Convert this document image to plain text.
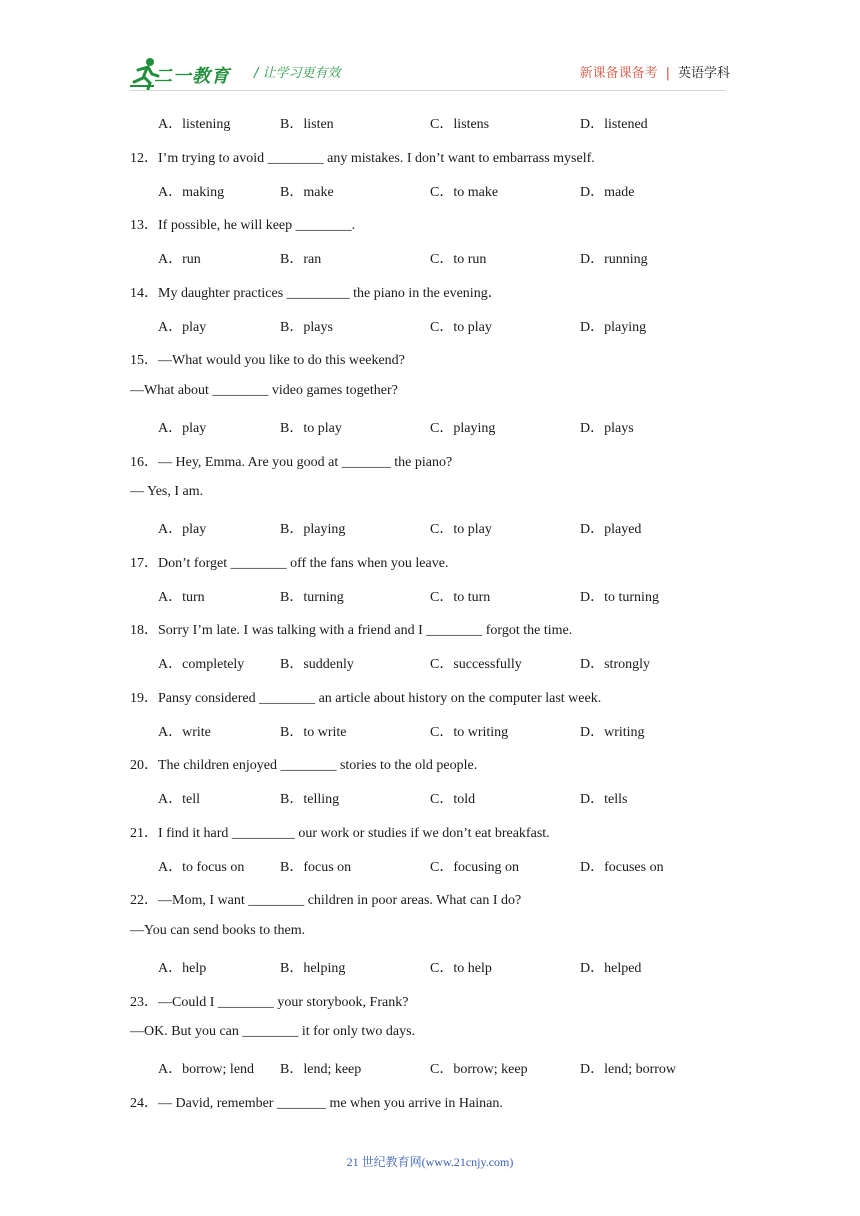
二一教育 / 让学习更有效	新课备课备考 | 英语学科
A．listening	B．listen	C．listens	D．listened
12．I’m trying to avoid ________ any mistakes. I don’t want to embarrass myself.
A．making	B．make	C．to make	D．made
13．If possible, he will keep ________.
A．run	B．ran	C．to run	D．running
14．My daughter practices _________ the piano in the evening．
A．play	B．plays	C．to play	D．playing
15．—What would you like to do this weekend?
—What about ________ video games together?
A．play	B．to play	C．playing	D．plays
16．— Hey, Emma. Are you good at _______ the piano?
— Yes, I am.
A．play	B．playing	C．to play	D．played
17．Don’t forget ________ off the fans when you leave.
A．turn	B．turning	C．to turn	D．to turning
18．Sorry I’m late. I was talking with a friend and I ________ forgot the time.
A．completely	B．suddenly	C．successfully	D．strongly
19．Pansy considered ________ an article about history on the computer last week.
A．write	B．to write	C．to writing	D．writing
20．The children enjoyed ________ stories to the old people.
A．tell	B．telling	C．told	D．tells
21．I find it hard _________ our work or studies if we don’t eat breakfast.
A．to focus on	B．focus on	C．focusing on	D．focuses on
22．—Mom, I want ________ children in poor areas. What can I do?
—You can send books to them.
A．help	B．helping	C．to help	D．helped
23．—Could I ________ your storybook, Frank?
—OK. But you can ________ it for only two days.
A．borrow; lend B．lend; keep	C．borrow; keep	D．lend; borrow
24．— David, remember _______ me when you arrive in Hainan.
21 世纪教育网(www.21cnjy.com)
